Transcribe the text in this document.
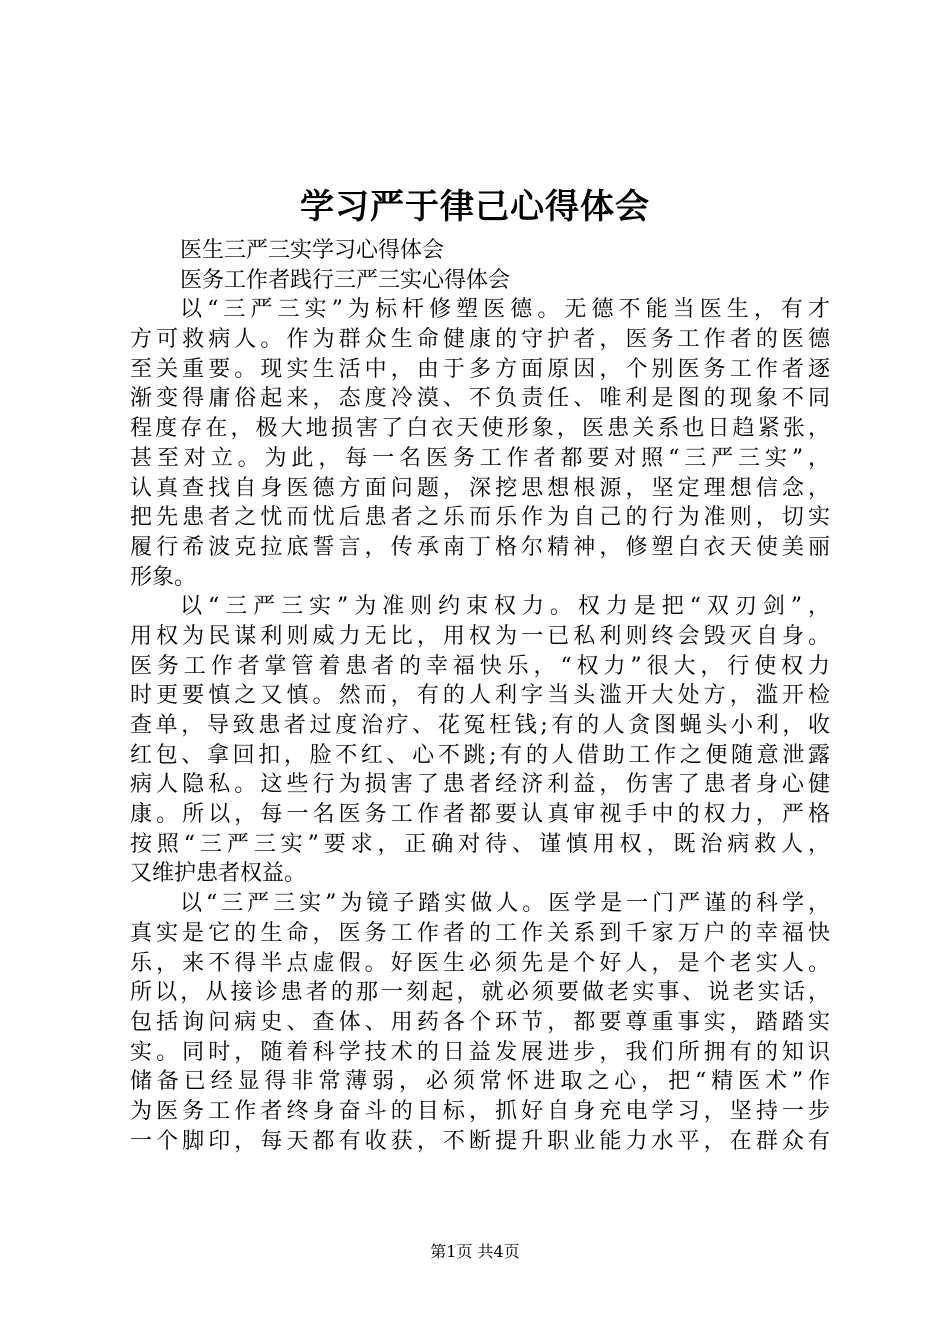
学习严于律己心得体会
医生三严三实学习心得体会
医务工作者践行三严三实心得体会
以“三严三实”为标杆修塑医德。无德不能当医生，有才
方可救病人。作为群众生命健康的守护者，医务工作者的医德
至关重要。现实生活中，由于多方面原因，个别医务工作者逐
渐变得庸俗起来，态度冷漠、不负责任、唯利是图的现象不同
程度存在，极大地损害了白衣天使形象，医患关系也日趋紧张，
甚至对立。为此，每一名医务工作者都要对照“三严三实”，
认真查找自身医德方面问题，深挖思想根源，坚定理想信念，
把先患者之忧而忧后患者之乐而乐作为自己的行为准则，切实
履行希波克拉底誓言，传承南丁格尔精神，修塑白衣天使美丽
形象。
以“三严三实”为准则约束权力。权力是把“双刃剑”，
用权为民谋利则威力无比，用权为一已私利则终会毁灭自身。
医务工作者掌管着患者的幸福快乐，“权力”很大，行使权力
时更要慎之又慎。然而，有的人利字当头滥开大处方，滥开检
查单，导致患者过度治疗、花冤枉钱;有的人贪图蝇头小利，收
红包、拿回扣，脸不红、心不跳;有的人借助工作之便随意泄露
病人隐私。这些行为损害了患者经济利益，伤害了患者身心健
康。所以，每一名医务工作者都要认真审视手中的权力，严格
按照“三严三实”要求，正确对待、谨慎用权，既治病救人，
又维护患者权益。
以“三严三实”为镜子踏实做人。医学是一门严谨的科学，
真实是它的生命，医务工作者的工作关系到千家万户的幸福快
乐，来不得半点虚假。好医生必须先是个好人，是个老实人。
所以，从接诊患者的那一刻起，就必须要做老实事、说老实话，
包括询问病史、查体、用药各个环节，都要尊重事实，踏踏实
实。同时，随着科学技术的日益发展进步，我们所拥有的知识
储备已经显得非常薄弱，必须常怀进取之心，把“精医术”作
为医务工作者终身奋斗的目标，抓好自身充电学习，坚持一步
一个脚印，每天都有收获，不断提升职业能力水平，在群众有
第1页 共4页
